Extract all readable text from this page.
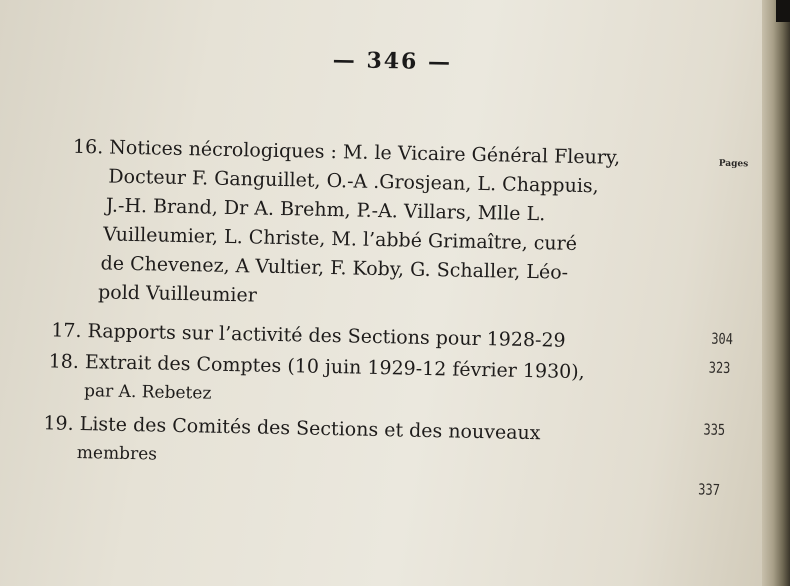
— 346 —
Pages
16. Notices nécrologiques : M. le Vicaire Général Fleury,
Docteur F. Ganguillet, O.-A .Grosjean, L. Chappuis,
J.-H. Brand, Dr A. Brehm, P.-A. Villars, Mlle L.
Vuilleumier, L. Christe, M. l’abbé Grimaître, curé
de Chevenez, A Vultier, F. Koby, G. Schaller, Léo-
pold Vuilleumier
17. Rapports sur l’activité des Sections pour 1928-29
18. Extrait des Comptes (10 juin 1929-12 février 1930),
par A. Rebetez
19. Liste des Comités des Sections et des nouveaux
membres
304
323
335
337
